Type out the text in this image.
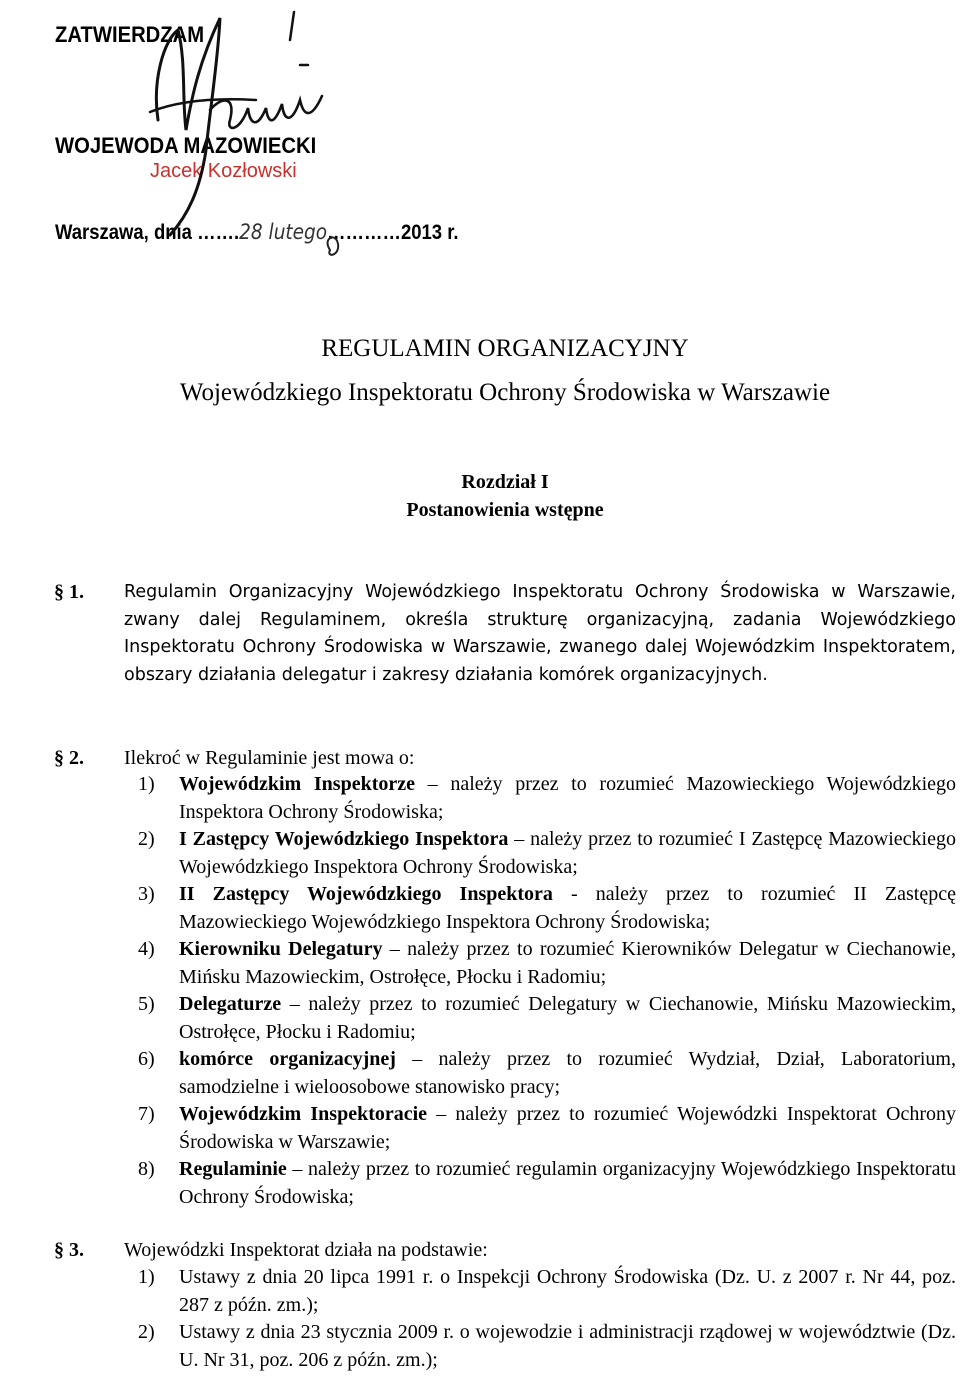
ZATWIERDZAM
WOJEWODA MAZOWIECKI
Jacek Kozłowski
Warszawa, dnia …….28 lutego…………2013 r.
REGULAMIN ORGANIZACYJNY
Wojewódzkiego Inspektoratu Ochrony Środowiska w Warszawie
Rozdział I
Postanowienia wstępne
§ 1. Regulamin Organizacyjny Wojewódzkiego Inspektoratu Ochrony Środowiska w Warszawie, zwany dalej Regulaminem, określa strukturę organizacyjną, zadania Wojewódzkiego Inspektoratu Ochrony Środowiska w Warszawie, zwanego dalej Wojewódzkim Inspektoratem, obszary działania delegatur i zakresy działania komórek organizacyjnych.
§ 2. Ilekroć w Regulaminie jest mowa o:
1) Wojewódzkim Inspektorze – należy przez to rozumieć Mazowieckiego Wojewódzkiego Inspektora Ochrony Środowiska;
2) I Zastępcy Wojewódzkiego Inspektora – należy przez to rozumieć I Zastępcę Mazowieckiego Wojewódzkiego Inspektora Ochrony Środowiska;
3) II Zastępcy Wojewódzkiego Inspektora - należy przez to rozumieć II Zastępcę Mazowieckiego Wojewódzkiego Inspektora Ochrony Środowiska;
4) Kierowniku Delegatury – należy przez to rozumieć Kierowników Delegatur w Ciechanowie, Mińsku Mazowieckim, Ostrołęce, Płocku i Radomiu;
5) Delegaturze – należy przez to rozumieć Delegatury w Ciechanowie, Mińsku Mazowieckim, Ostrołęce, Płocku i Radomiu;
6) komórce organizacyjnej – należy przez to rozumieć Wydział, Dział, Laboratorium, samodzielne i wieloosobowe stanowisko pracy;
7) Wojewódzkim Inspektoracie – należy przez to rozumieć Wojewódzki Inspektorat Ochrony Środowiska w Warszawie;
8) Regulaminie – należy przez to rozumieć regulamin organizacyjny Wojewódzkiego Inspektoratu Ochrony Środowiska;
§ 3. Wojewódzki Inspektorat działa na podstawie:
1) Ustawy z dnia 20 lipca 1991 r. o Inspekcji Ochrony Środowiska (Dz. U. z 2007 r. Nr 44, poz. 287 z późn. zm.);
2) Ustawy z dnia 23 stycznia 2009 r. o wojewodzie i administracji rządowej w województwie (Dz. U. Nr 31, poz. 206 z późn. zm.);
